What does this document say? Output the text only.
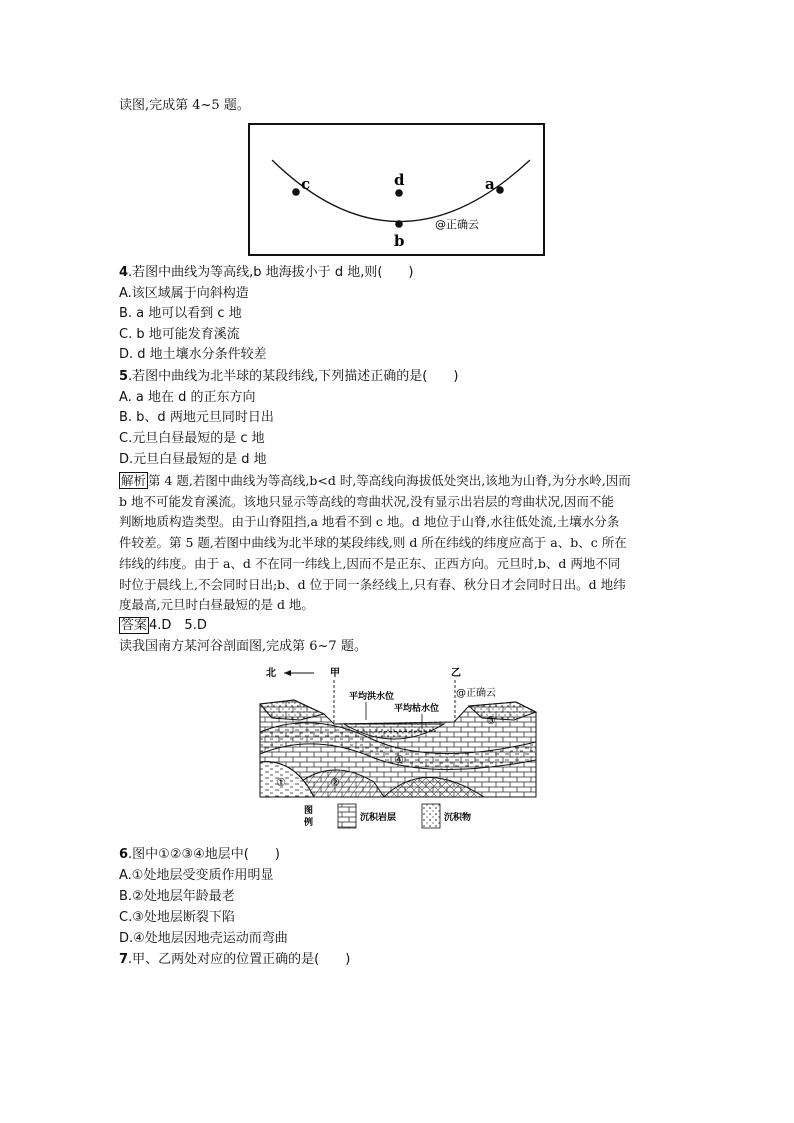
读图,完成第 4~5 题。
c	d	a
b
@正确云
4.若图中曲线为等高线,b 地海拔小于 d 地,则(　　)
A.该区域属于向斜构造
B. a 地可以看到 c 地
C. b 地可能发育溪流
D. d 地土壤水分条件较差
5.若图中曲线为北半球的某段纬线,下列描述正确的是(　　)
A. a 地在 d 的正东方向
B. b、d 两地元旦同时日出
C.元旦白昼最短的是 c 地
D.元旦白昼最短的是 d 地
解析 第 4 题,若图中曲线为等高线,b<d 时,等高线向海拔低处突出,该地为山脊,为分水岭,因而
b 地不可能发育溪流。该地只显示等高线的弯曲状况,没有显示出岩层的弯曲状况,因而不能
判断地质构造类型。由于山脊阻挡,a 地看不到 c 地。d 地位于山脊,水往低处流,土壤水分条
件较差。第 5 题,若图中曲线为北半球的某段纬线,则 d 所在纬线的纬度应高于 a、b、c 所在
纬线的纬度。由于 a、d 不在同一纬线上,因而不是正东、正西方向。元旦时,b、d 两地不同
时位于晨线上,不会同时日出;b、d 位于同一条经线上,只有春、秋分日才会同时日出。d 地纬
度最高,元旦时白昼最短的是 d 地。
答案 4.D　5.D
读我国南方某河谷剖面图,完成第 6~7 题。
北	甲	乙
平均洪水位
平均枯水位
@正确云
①	②
③
④
图
例	沉积岩层	沉积物
6.图中①②③④地层中(　　)
A.①处地层受变质作用明显
B.②处地层年龄最老
C.③处地层断裂下陷
D.④处地层因地壳运动而弯曲
7.甲、乙两处对应的位置正确的是(　　)
